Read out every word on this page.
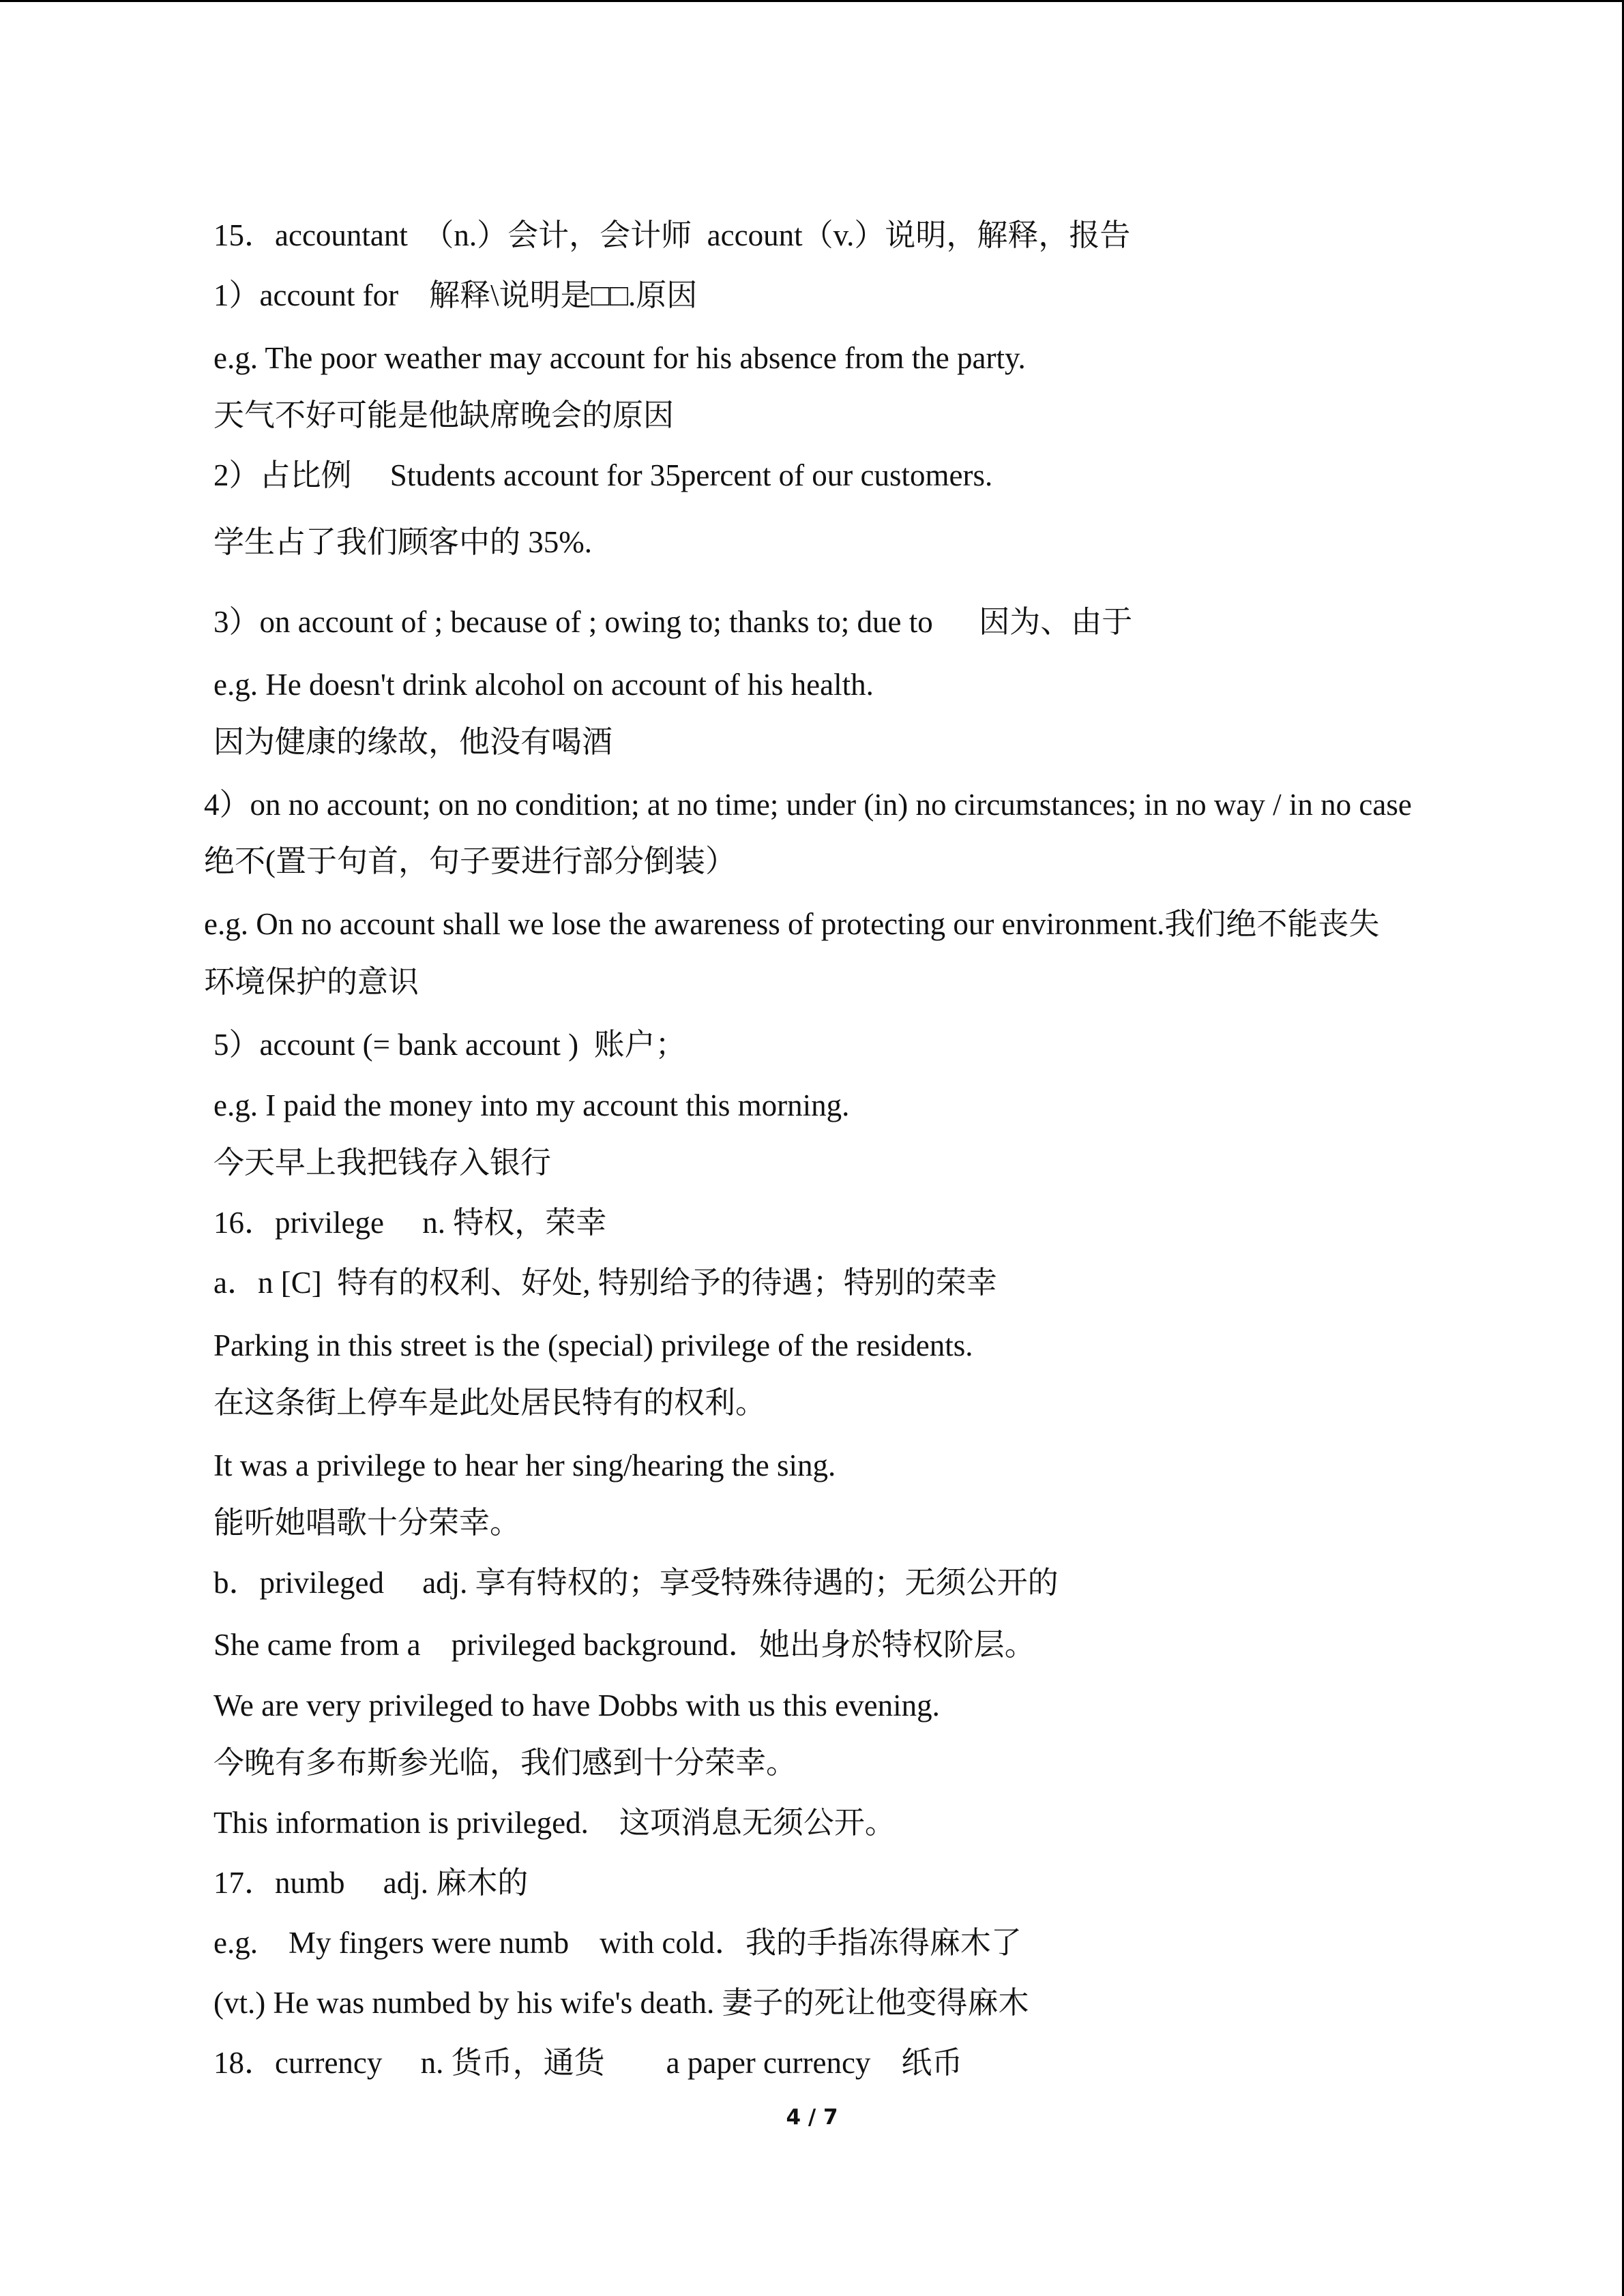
15．accountant　（n.）会计，会计师  account（v.）说明，解释，报告
1）account for　解释\说明是□□.原因
e.g. The poor weather may account for his absence from the party.
天气不好可能是他缺席晚会的原因
2）占比例　 Students account for 35percent of our customers.
学生占了我们顾客中的 35%.
3）on account of ; because of ; owing to; thanks to; due to 　 因为、由于
e.g. He doesn't drink alcohol on account of his health.
因为健康的缘故，他没有喝酒
4）on no account; on no condition; at no time; under (in) no circumstances; in no way / in no case
绝不(置于句首，句子要进行部分倒装）
e.g. On no account shall we lose the awareness of protecting our environment.我们绝不能丧失
环境保护的意识
5）account (= bank account )  账户；
e.g. I paid the money into my account this morning.
今天早上我把钱存入银行
16．privilege　 n. 特权，荣幸
a．n [C]  特有的权利、好处, 特别给予的待遇；特别的荣幸
Parking in this street is the (special) privilege of the residents.
在这条街上停车是此处居民特有的权利。
It was a privilege to hear her sing/hearing the sing.
能听她唱歌十分荣幸。
b．privileged　 adj. 享有特权的；享受特殊待遇的；无须公开的
She came from a　privileged background．她出身於特权阶层。
We are very privileged to have Dobbs with us this evening.
今晚有多布斯参光临，我们感到十分荣幸。
This information is privileged.　这项消息无须公开。
17．numb　 adj. 麻木的
e.g.　My fingers were numb　with cold．我的手指冻得麻木了
(vt.) He was numbed by his wife's death. 妻子的死让他变得麻木
18．currency　 n. 货币，通货　　a paper currency　纸币
4 / 7
